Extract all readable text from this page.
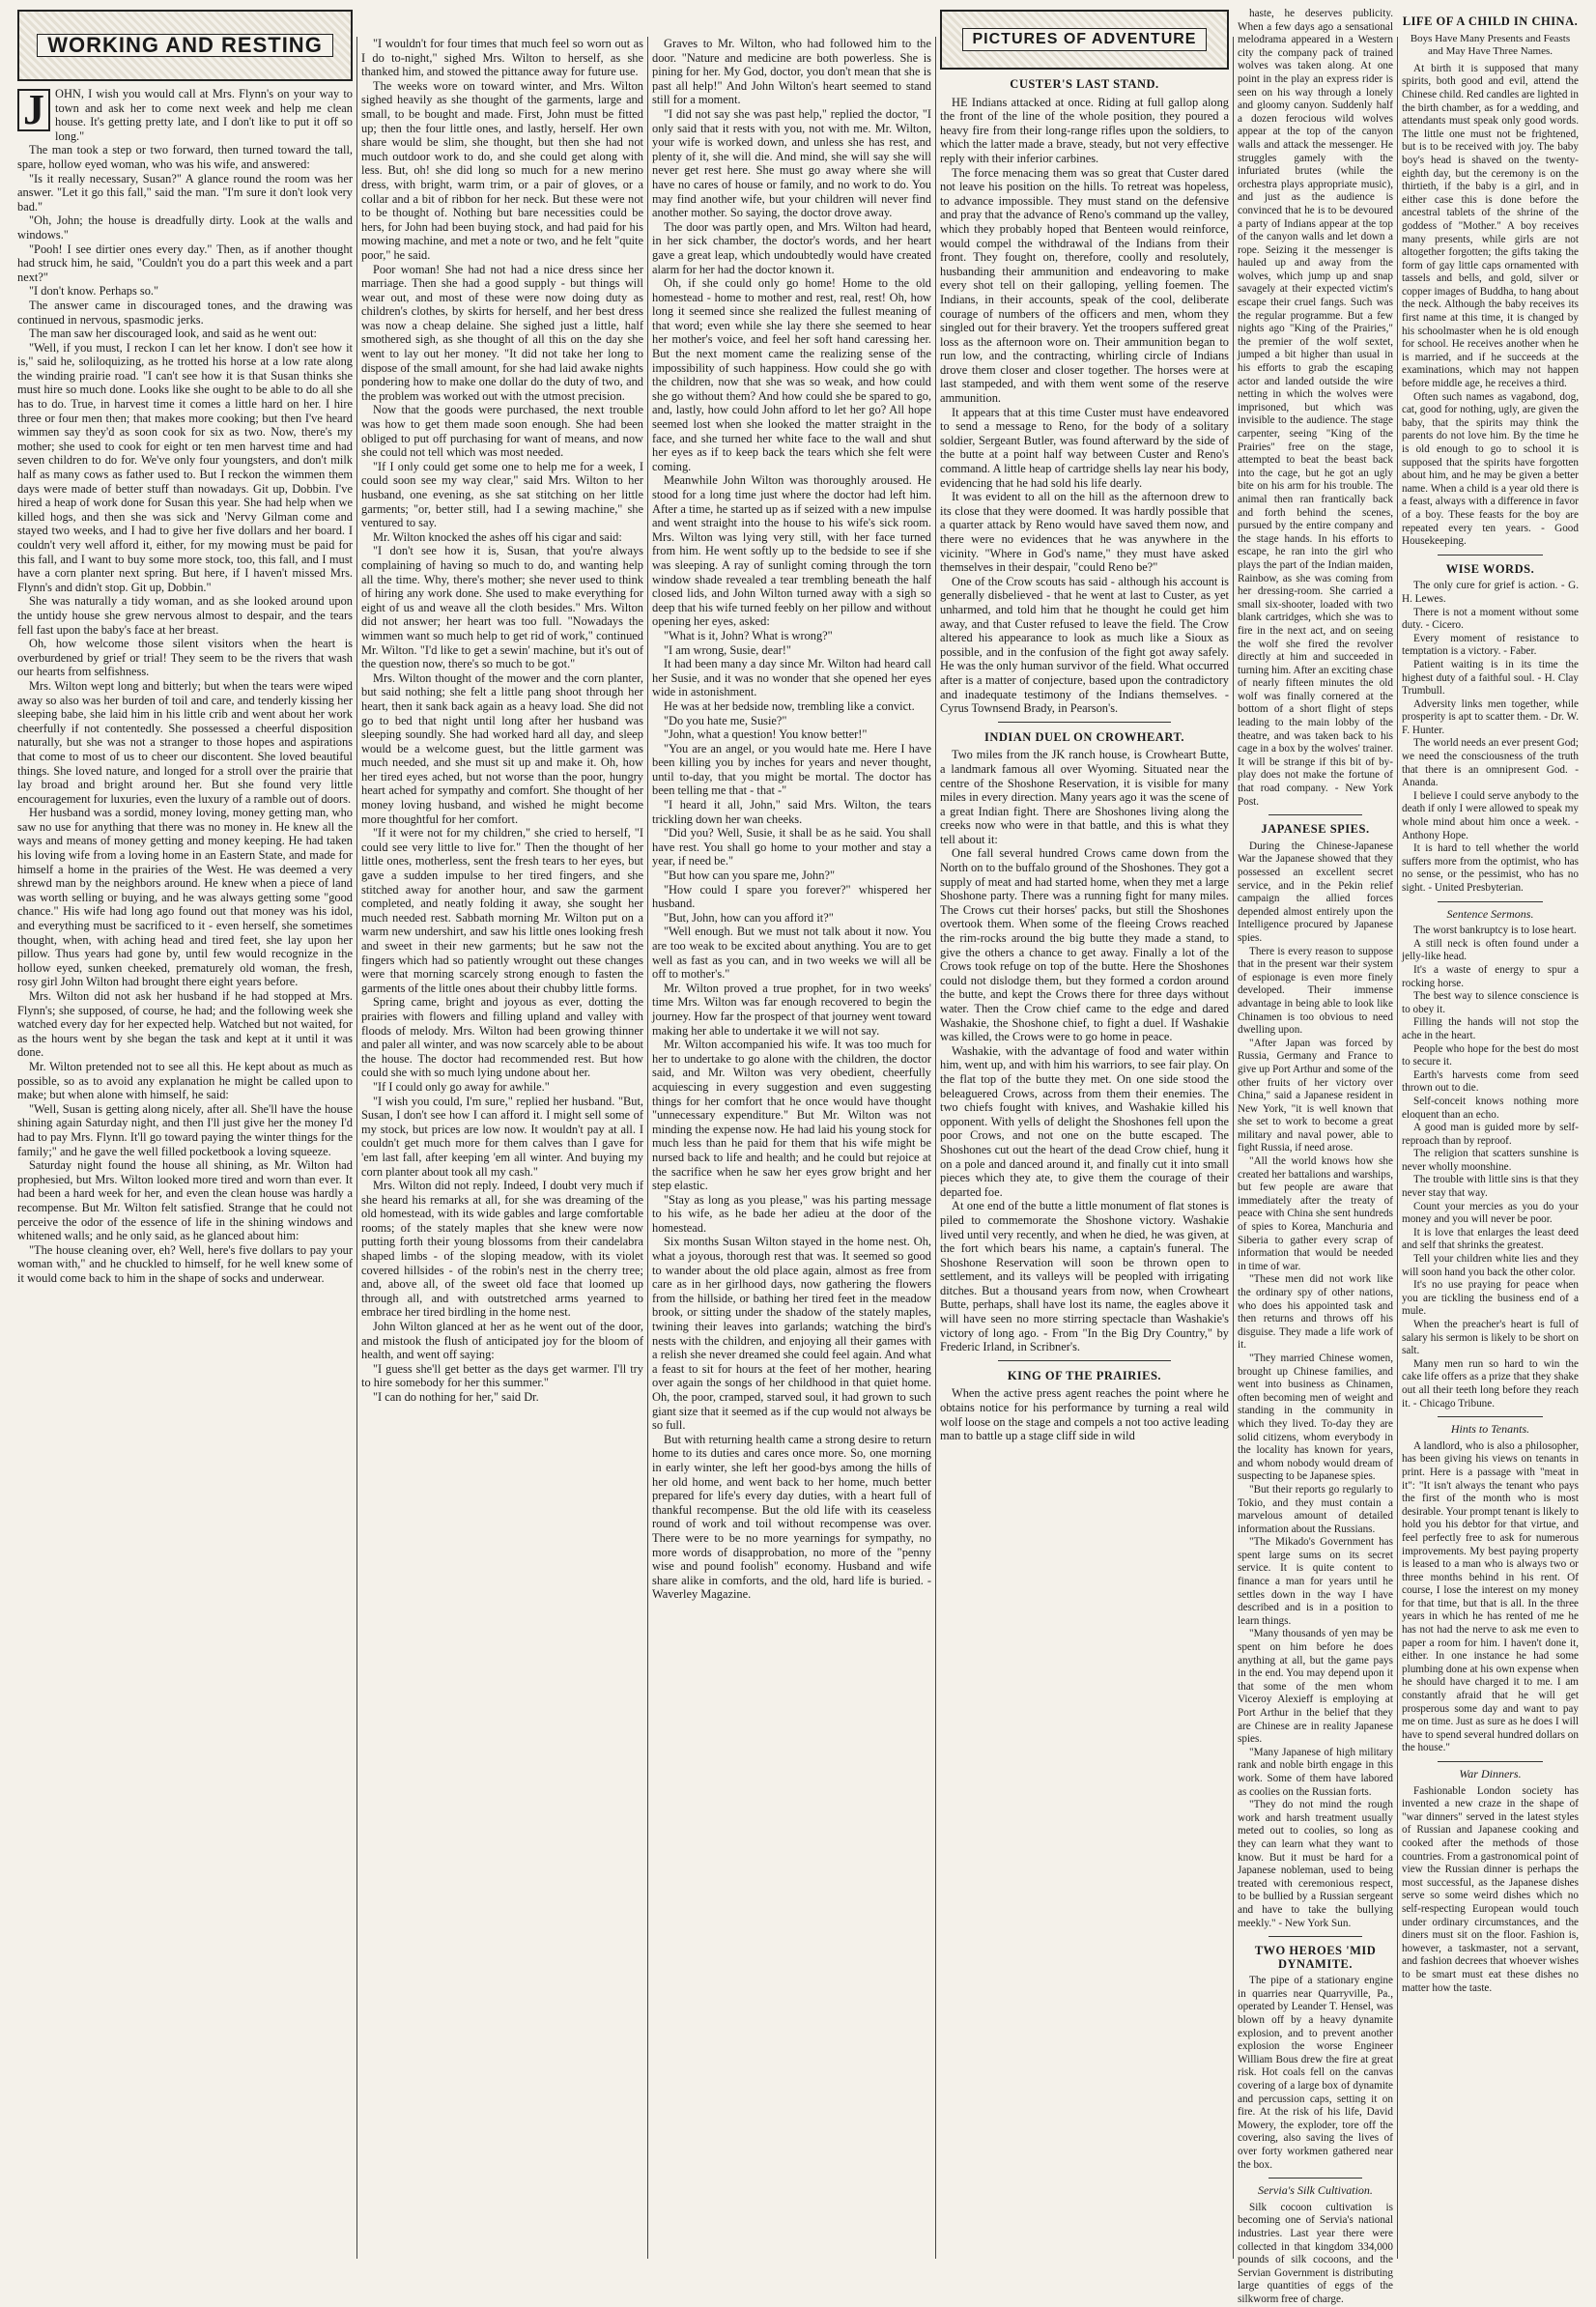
WORKING AND RESTING

J OHN, I wish you would call at Mrs. Flynn's on your way to town and ask her to come next week and help me clean house. It's getting pretty late, and I don't like to put it off so long."

The man took a step or two forward, then turned toward the tall, spare, hollow eyed woman, who was his wife, and answered:

"Is it really necessary, Susan?" A glance round the room was her answer. "Let it go this fall," said the man. "I'm sure it don't look very bad."

"Oh, John; the house is dreadfully dirty. Look at the walls and windows."

"Pooh! I see dirtier ones every day." Then, as if another thought had struck him, he said, "Couldn't you do a part this week and a part next?"

"I don't know. Perhaps so."

The answer came in discouraged tones, and the drawing was continued in nervous, spasmodic jerks.

The man saw her discouraged look, and said as he went out:

"Well, if you must, I reckon I can let her know. I don't see how it is," said he, soliloquizing, as he trotted his horse at a low rate along the winding prairie road. "I can't see how it is that Susan thinks she must hire so much done. Looks like she ought to be able to do all she has to do. True, in harvest time it comes a little hard on her. I hire three or four men then; that makes more cooking; but then I've heard wimmen say they'd as soon cook for six as two. Now, there's my mother; she used to cook for eight or ten men harvest time and had seven children to do for. We've only four youngsters, and don't milk half as many cows as father used to. But I reckon the wimmen them days were made of better stuff than nowadays. Git up, Dobbin. I've hired a heap of work done for Susan this year. She had help when we killed hogs, and then she was sick and 'Nervy Gilman come and stayed two weeks, and I had to give her five dollars and her board. I couldn't very well afford it, either, for my mowing must be paid for this fall, and I want to buy some more stock, too, this fall, and I must have a corn planter next spring. But here, if I haven't missed Mrs. Flynn's and didn't stop. Git up, Dobbin."

She was naturally a tidy woman, and as she looked around upon the untidy house she grew nervous almost to despair, and the tears fell fast upon the baby's face at her breast.

Oh, how welcome those silent visitors when the heart is overburdened by grief or trial! They seem to be the rivers that wash our hearts from selfishness.

Mrs. Wilton wept long and bitterly; but when the tears were wiped away so also was her burden of toil and care, and tenderly kissing her sleeping babe, she laid him in his little crib and went about her work cheerfully if not contentedly. She possessed a cheerful disposition naturally, but she was not a stranger to those hopes and aspirations that come to most of us to cheer our discontent. She loved beautiful things. She loved nature, and longed for a stroll over the prairie that lay broad and bright around her. But she found very little encouragement for luxuries, even the luxury of a ramble out of doors.

Her husband was a sordid, money loving, money getting man, who saw no use for anything that there was no money in. He knew all the ways and means of money getting and money keeping. He had taken his loving wife from a loving home in an Eastern State, and made for himself a home in the prairies of the West. He was deemed a very shrewd man by the neighbors around. He knew when a piece of land was worth selling or buying, and he was always getting some "good chance." His wife had long ago found out that money was his idol, and everything must be sacrificed to it - even herself, she sometimes thought, when, with aching head and tired feet, she lay upon her pillow. Thus years had gone by, until few would recognize in the hollow eyed, sunken cheeked, prematurely old woman, the fresh, rosy girl John Wilton had brought there eight years before.

Mrs. Wilton did not ask her husband if he had stopped at Mrs. Flynn's; she supposed, of course, he had; and the following week she watched every day for her expected help. Watched but not waited, for as the hours went by she began the task and kept at it until it was done.

Mr. Wilton pretended not to see all this. He kept about as much as possible, so as to avoid any explanation he might be called upon to make; but when alone with himself, he said:

"Well, Susan is getting along nicely, after all. She'll have the house shining again Saturday night, and then I'll just give her the money I'd had to pay Mrs. Flynn. It'll go toward paying the winter things for the family;" and he gave the well filled pocketbook a loving squeeze.

Saturday night found the house all shining, as Mr. Wilton had prophesied, but Mrs. Wilton looked more tired and worn than ever. It had been a hard week for her, and even the clean house was hardly a recompense. But Mr. Wilton felt satisfied. Strange that he could not perceive the odor of the essence of life in the shining windows and whitened walls; and he only said, as he glanced about him:

"The house cleaning over, eh? Well, here's five dollars to pay your woman with," and he chuckled to himself, for he well knew some of it would come back to him in the shape of socks and underwear.

"I wouldn't for four times that much feel so worn out as I do to-night," sighed Mrs. Wilton to herself, as she thanked him, and stowed the pittance away for future use.

The weeks wore on toward winter, and Mrs. Wilton sighed heavily as she thought of the garments, large and small, to be bought and made. First, John must be fitted up; then the four little ones, and lastly, herself. Her own share would be slim, she thought, but then she had not much outdoor work to do, and she could get along with less. But, oh! she did long so much for a new merino dress, with bright, warm trim, or a pair of gloves, or a collar and a bit of ribbon for her neck. But these were not to be thought of. Nothing but bare necessities could be hers, for John had been buying stock, and had paid for his mowing machine, and met a note or two, and he felt "quite poor," he said.

Poor woman! She had not had a nice dress since her marriage. Then she had a good supply - but things will wear out, and most of these were now doing duty as children's clothes, by skirts for herself, and her best dress was now a cheap delaine. She sighed just a little, half smothered sigh, as she thought of all this on the day she went to lay out her money. "It did not take her long to dispose of the small amount, for she had laid awake nights pondering how to make one dollar do the duty of two, and the problem was worked out with the utmost precision.

Now that the goods were purchased, the next trouble was how to get them made soon enough. She had been obliged to put off purchasing for want of means, and now she could not tell which was most needed.

"If I only could get some one to help me for a week, I could soon see my way clear," said Mrs. Wilton to her husband, one evening, as she sat stitching on her little garments; "or, better still, had I a sewing machine," she ventured to say.

Mr. Wilton knocked the ashes off his cigar and said:

"I don't see how it is, Susan, that you're always complaining of having so much to do, and wanting help all the time. Why, there's mother; she never used to think of hiring any work done. She used to make everything for eight of us and weave all the cloth besides." Mrs. Wilton did not answer; her heart was too full. "Nowadays the wimmen want so much help to get rid of work," continued Mr. Wilton. "I'd like to get a sewin' machine, but it's out of the question now, there's so much to be got."

Mrs. Wilton thought of the mower and the corn planter, but said nothing; she felt a little pang shoot through her heart, then it sank back again as a heavy load. She did not go to bed that night until long after her husband was sleeping soundly. She had worked hard all day, and sleep would be a welcome guest, but the little garment was much needed, and she must sit up and make it. Oh, how her tired eyes ached, but not worse than the poor, hungry heart ached for sympathy and comfort. She thought of her money loving husband, and wished he might become more thoughtful for her comfort.

"If it were not for my children," she cried to herself, "I could see very little to live for." Then the thought of her little ones, motherless, sent the fresh tears to her eyes, but gave a sudden impulse to her tired fingers, and she stitched away for another hour, and saw the garment completed, and neatly folding it away, she sought her much needed rest. Sabbath morning Mr. Wilton put on a warm new undershirt, and saw his little ones looking fresh and sweet in their new garments; but he saw not the fingers which had so patiently wrought out these changes were that morning scarcely strong enough to fasten the garments of the little ones about their chubby little forms.

Spring came, bright and joyous as ever, dotting the prairies with flowers and filling upland and valley with floods of melody. Mrs. Wilton had been growing thinner and paler all winter, and was now scarcely able to be about the house. The doctor had recommended rest. But how could she with so much lying undone about her.

"If I could only go away for awhile."

"I wish you could, I'm sure," replied her husband. "But, Susan, I don't see how I can afford it. I might sell some of my stock, but prices are low now. It wouldn't pay at all. I couldn't get much more for them calves than I gave for 'em last fall, after keeping 'em all winter. And buying my corn planter about took all my cash."

Mrs. Wilton did not reply. Indeed, I doubt very much if she heard his remarks at all, for she was dreaming of the old homestead, with its wide gables and large comfortable rooms; of the stately maples that she knew were now putting forth their young blossoms from their candelabra shaped limbs - of the sloping meadow, with its violet covered hillsides - of the robin's nest in the cherry tree; and, above all, of the sweet old face that loomed up through all, and with outstretched arms yearned to embrace her tired birdling in the home nest.

John Wilton glanced at her as he went out of the door, and mistook the flush of anticipated joy for the bloom of health, and went off saying:

"I guess she'll get better as the days get warmer. I'll try to hire somebody for her this summer."

"I can do nothing for her," said Dr.

Graves to Mr. Wilton, who had followed him to the door. "Nature and medicine are both powerless. She is pining for her. My God, doctor, you don't mean that she is past all help!" And John Wilton's heart seemed to stand still for a moment.

"I did not say she was past help," replied the doctor, "I only said that it rests with you, not with me. Mr. Wilton, your wife is worked down, and unless she has rest, and plenty of it, she will die. And mind, she will say she will never get rest here. She must go away where she will have no cares of house or family, and no work to do. You may find another wife, but your children will never find another mother. So saying, the doctor drove away.

The door was partly open, and Mrs. Wilton had heard, in her sick chamber, the doctor's words, and her heart gave a great leap, which undoubtedly would have created alarm for her had the doctor known it.

Oh, if she could only go home! Home to the old homestead - home to mother and rest, real, rest! Oh, how long it seemed since she realized the fullest meaning of that word; even while she lay there she seemed to hear her mother's voice, and feel her soft hand caressing her. But the next moment came the realizing sense of the impossibility of such happiness. How could she go with the children, now that she was so weak, and how could she go without them? And how could she be spared to go, and, lastly, how could John afford to let her go? All hope seemed lost when she looked the matter straight in the face, and she turned her white face to the wall and shut her eyes as if to keep back the tears which she felt were coming.

Meanwhile John Wilton was thoroughly aroused. He stood for a long time just where the doctor had left him. After a time, he started up as if seized with a new impulse and went straight into the house to his wife's sick room. Mrs. Wilton was lying very still, with her face turned from him. He went softly up to the bedside to see if she was sleeping. A ray of sunlight coming through the torn window shade revealed a tear trembling beneath the half closed lids, and John Wilton turned away with a sigh so deep that his wife turned feebly on her pillow and without opening her eyes, asked:

"What is it, John? What is wrong?"

"I am wrong, Susie, dear!"

It had been many a day since Mr. Wilton had heard call her Susie, and it was no wonder that she opened her eyes wide in astonishment.

He was at her bedside now, trembling like a convict.

"Do you hate me, Susie?"

"John, what a question! You know better!"

"You are an angel, or you would hate me. Here I have been killing you by inches for years and never thought, until to-day, that you might be mortal. The doctor has been telling me that - that -"

"I heard it all, John," said Mrs. Wilton, the tears trickling down her wan cheeks.

"Did you? Well, Susie, it shall be as he said. You shall have rest. You shall go home to your mother and stay a year, if need be."

"But how can you spare me, John?"

"How could I spare you forever?" whispered her husband.

"But, John, how can you afford it?"

"Well enough. But we must not talk about it now. You are too weak to be excited about anything. You are to get well as fast as you can, and in two weeks we will all be off to mother's."

Mr. Wilton proved a true prophet, for in two weeks' time Mrs. Wilton was far enough recovered to begin the journey. How far the prospect of that journey went toward making her able to undertake it we will not say.

Mr. Wilton accompanied his wife. It was too much for her to undertake to go alone with the children, the doctor said, and Mr. Wilton was very obedient, cheerfully acquiescing in every suggestion and even suggesting things for her comfort that he once would have thought "unnecessary expenditure." But Mr. Wilton was not minding the expense now. He had laid his young stock for much less than he paid for them that his wife might be nursed back to life and health; and he could but rejoice at the sacrifice when he saw her eyes grow bright and her step elastic.

"Stay as long as you please," was his parting message to his wife, as he bade her adieu at the door of the homestead.

Six months Susan Wilton stayed in the home nest. Oh, what a joyous, thorough rest that was. It seemed so good to wander about the old place again, almost as free from care as in her girlhood days, now gathering the flowers from the hillside, or bathing her tired feet in the meadow brook, or sitting under the shadow of the stately maples, twining their leaves into garlands; watching the bird's nests with the children, and enjoying all their games with a relish she never dreamed she could feel again. And what a feast to sit for hours at the feet of her mother, hearing over again the songs of her childhood in that quiet home. Oh, the poor, cramped, starved soul, it had grown to such giant size that it seemed as if the cup would not always be so full.

But with returning health came a strong desire to return home to its duties and cares once more. So, one morning in early winter, she left her good-bys among the hills of her old home, and went back to her home, much better prepared for life's every day duties, with a heart full of thankful recompense. But the old life with its ceaseless round of work and toil without recompense was over. There were to be no more yearnings for sympathy, no more words of disapprobation, no more of the "penny wise and pound foolish" economy. Husband and wife share alike in comforts, and the old, hard life is buried. - Waverley Magazine.

PICTURES OF ADVENTURE
CUSTER'S LAST STAND.

HE Indians attacked at once. Riding at full gallop along the front of the line of the whole position, they poured a heavy fire from their long-range rifles upon the soldiers, to which the latter made a brave, steady, but not very effective reply with their inferior carbines.

The force menacing them was so great that Custer dared not leave his position on the hills. To retreat was hopeless, to advance impossible. They must stand on the defensive and pray that the advance of Reno's command up the valley, which they probably hoped that Benteen would reinforce, would compel the withdrawal of the Indians from their front. They fought on, therefore, coolly and resolutely, husbanding their ammunition and endeavoring to make every shot tell on their galloping, yelling foemen. The Indians, in their accounts, speak of the cool, deliberate courage of numbers of the officers and men, whom they singled out for their bravery. Yet the troopers suffered great loss as the afternoon wore on. Their ammunition began to run low, and the contracting, whirling circle of Indians drove them closer and closer together. The horses were at last stampeded, and with them went some of the reserve ammunition.

It appears that at this time Custer must have endeavored to send a message to Reno, for the body of a solitary soldier, Sergeant Butler, was found afterward by the side of the butte at a point half way between Custer and Reno's command. A little heap of cartridge shells lay near his body, evidencing that he had sold his life dearly.

It was evident to all on the hill as the afternoon drew to its close that they were doomed. It was hardly possible that a quarter attack by Reno would have saved them now, and there were no evidences that he was anywhere in the vicinity. "Where in God's name," they must have asked themselves in their despair, "could Reno be?"

One of the Crow scouts has said - although his account is generally disbelieved - that he went at last to Custer, as yet unharmed, and told him that he thought he could get him away, and that Custer refused to leave the field. The Crow altered his appearance to look as much like a Sioux as possible, and in the confusion of the fight got away safely. He was the only human survivor of the field. What occurred after is a matter of conjecture, based upon the contradictory and inadequate testimony of the Indians themselves. - Cyrus Townsend Brady, in Pearson's.

INDIAN DUEL ON CROWHEART.

Two miles from the JK ranch house, is Crowheart Butte, a landmark famous all over Wyoming. Situated near the centre of the Shoshone Reservation, it is visible for many miles in every direction. Many years ago it was the scene of a great Indian fight. There are Shoshones living along the creeks now who were in that battle, and this is what they tell about it:

One fall several hundred Crows came down from the North on to the buffalo ground of the Shoshones. They got a supply of meat and had started home, when they met a large Shoshone party. There was a running fight for many miles. The Crows cut their horses' packs, but still the Shoshones overtook them. When some of the fleeing Crows reached the rim-rocks around the big butte they made a stand, to give the others a chance to get away. Finally a lot of the Crows took refuge on top of the butte. Here the Shoshones could not dislodge them, but they formed a cordon around the butte, and kept the Crows there for three days without water. Then the Crow chief came to the edge and dared Washakie, the Shoshone chief, to fight a duel. If Washakie was killed, the Crows were to go home in peace.

Washakie, with the advantage of food and water within him, went up, and with him his warriors, to see fair play. On the flat top of the butte they met. On one side stood the beleaguered Crows, across from them their enemies. The two chiefs fought with knives, and Washakie killed his opponent. With yells of delight the Shoshones fell upon the poor Crows, and not one on the butte escaped. The Shoshones cut out the heart of the dead Crow chief, hung it on a pole and danced around it, and finally cut it into small pieces which they ate, to give them the courage of their departed foe.

At one end of the butte a little monument of flat stones is piled to commemorate the Shoshone victory. Washakie lived until very recently, and when he died, he was given, at the fort which bears his name, a captain's funeral. The Shoshone Reservation will soon be thrown open to settlement, and its valleys will be peopled with irrigating ditches. But a thousand years from now, when Crowheart Butte, perhaps, shall have lost its name, the eagles above it will have seen no more stirring spectacle than Washakie's victory of long ago. - From "In the Big Dry Country," by Frederic Irland, in Scribner's.

KING OF THE PRAIRIES.

When the active press agent reaches the point where he obtains notice for his performance by turning a real wild wolf loose on the stage and compels a not too active leading man to battle up a stage cliff side in wild

haste, he deserves publicity. When a few days ago a sensational melodrama appeared in a Western city the company pack of trained wolves was taken along. At one point in the play an express rider is seen on his way through a lonely and gloomy canyon. Suddenly half a dozen ferocious wild wolves appear at the top of the canyon walls and attack the messenger. He struggles gamely with the infuriated brutes (while the orchestra plays appropriate music), and just as the audience is convinced that he is to be devoured a party of Indians appear at the top of the canyon walls and let down a rope. Seizing it the messenger is hauled up and away from the wolves, which jump up and snap savagely at their expected victim's escape their cruel fangs. Such was the regular programme. But a few nights ago "King of the Prairies," the premier of the wolf sextet, jumped a bit higher than usual in his efforts to grab the escaping actor and landed outside the wire netting in which the wolves were imprisoned, but which was invisible to the audience. The stage carpenter, seeing "King of the Prairies" free on the stage, attempted to beat the beast back into the cage, but he got an ugly bite on his arm for his trouble. The animal then ran frantically back and forth behind the scenes, pursued by the entire company and the stage hands. In his efforts to escape, he ran into the girl who plays the part of the Indian maiden, Rainbow, as she was coming from her dressing-room. She carried a small six-shooter, loaded with two blank cartridges, which she was to fire in the next act, and on seeing the wolf she fired the revolver directly at him and succeeded in turning him. After an exciting chase of nearly fifteen minutes the old wolf was finally cornered at the bottom of a short flight of steps leading to the main lobby of the theatre, and was taken back to his cage in a box by the wolves' trainer. It will be strange if this bit of by-play does not make the fortune of that road company. - New York Post.

JAPANESE SPIES.

During the Chinese-Japanese War the Japanese showed that they possessed an excellent secret service, and in the Pekin relief campaign the allied forces depended almost entirely upon the Intelligence procured by Japanese spies.

There is every reason to suppose that in the present war their system of espionage is even more finely developed. Their immense advantage in being able to look like Chinamen is too obvious to need dwelling upon.

"After Japan was forced by Russia, Germany and France to give up Port Arthur and some of the other fruits of her victory over China," said a Japanese resident in New York, "it is well known that she set to work to become a great military and naval power, able to fight Russia, if need arose.

"All the world knows how she created her battalions and warships, but few people are aware that immediately after the treaty of peace with China she sent hundreds of spies to Korea, Manchuria and Siberia to gather every scrap of information that would be needed in time of war.

"These men did not work like the ordinary spy of other nations, who does his appointed task and then returns and throws off his disguise. They made a life work of it.

"They married Chinese women, brought up Chinese families, and went into business as Chinamen, often becoming men of weight and standing in the community in which they lived. To-day they are solid citizens, whom everybody in the locality has known for years, and whom nobody would dream of suspecting to be Japanese spies.

"But their reports go regularly to Tokio, and they must contain a marvelous amount of detailed information about the Russians.

"The Mikado's Government has spent large sums on its secret service. It is quite content to finance a man for years until he settles down in the way I have described and is in a position to learn things.

"Many thousands of yen may be spent on him before he does anything at all, but the game pays in the end. You may depend upon it that some of the men whom Viceroy Alexieff is employing at Port Arthur in the belief that they are Chinese are in reality Japanese spies.

"Many Japanese of high military rank and noble birth engage in this work. Some of them have labored as coolies on the Russian forts.

"They do not mind the rough work and harsh treatment usually meted out to coolies, so long as they can learn what they want to know. But it must be hard for a Japanese nobleman, used to being treated with ceremonious respect, to be bullied by a Russian sergeant and have to take the bullying meekly." - New York Sun.

TWO HEROES 'MID DYNAMITE.

The pipe of a stationary engine in quarries near Quarryville, Pa., operated by Leander T. Hensel, was blown off by a heavy dynamite explosion, and to prevent another explosion the worse Engineer William Bous drew the fire at great risk. Hot coals fell on the canvas covering of a large box of dynamite and percussion caps, setting it on fire. At the risk of his life, David Mowery, the exploder, tore off the covering, also saving the lives of over forty workmen gathered near the box.

Servia's Silk Cultivation.

Silk cocoon cultivation is becoming one of Servia's national industries. Last year there were collected in that kingdom 334,000 pounds of silk cocoons, and the Servian Government is distributing large quantities of eggs of the silkworm free of charge.

LIFE OF A CHILD IN CHINA.
Boys Have Many Presents and Feasts and May Have Three Names.

At birth it is supposed that many spirits, both good and evil, attend the Chinese child. Red candles are lighted in the birth chamber, as for a wedding, and attendants must speak only good words. The little one must not be frightened, but is to be received with joy. The baby boy's head is shaved on the twenty-eighth day, but the ceremony is on the thirtieth, if the baby is a girl, and in either case this is done before the ancestral tablets of the shrine of the goddess of "Mother." A boy receives many presents, while girls are not altogether forgotten; the gifts taking the form of gay little caps ornamented with tassels and bells, and gold, silver or copper images of Buddha, to hang about the neck. Although the baby receives its first name at this time, it is changed by his schoolmaster when he is old enough for school. He receives another when he is married, and if he succeeds at the examinations, which may not happen before middle age, he receives a third.

Often such names as vagabond, dog, cat, good for nothing, ugly, are given the baby, that the spirits may think the parents do not love him. By the time he is old enough to go to school it is supposed that the spirits have forgotten about him, and he may be given a better name. When a child is a year old there is a feast, always with a difference in favor of a boy. These feasts for the boy are repeated every ten years. - Good Housekeeping.

WISE WORDS.

The only cure for grief is action. - G. H. Lewes.

There is not a moment without some duty. - Cicero.

Every moment of resistance to temptation is a victory. - Faber.

Patient waiting is in its time the highest duty of a faithful soul. - H. Clay Trumbull.

Adversity links men together, while prosperity is apt to scatter them. - Dr. W. F. Hunter.

The world needs an ever present God; we need the consciousness of the truth that there is an omnipresent God. - Ananda.

I believe I could serve anybody to the death if only I were allowed to speak my whole mind about him once a week. - Anthony Hope.

It is hard to tell whether the world suffers more from the optimist, who has no sense, or the pessimist, who has no sight. - United Presbyterian.

Sentence Sermons.

The worst bankruptcy is to lose heart.

A still neck is often found under a jelly-like head.

It's a waste of energy to spur a rocking horse.

The best way to silence conscience is to obey it.

Filling the hands will not stop the ache in the heart.

People who hope for the best do most to secure it.

Earth's harvests come from seed thrown out to die.

Self-conceit knows nothing more eloquent than an echo.

A good man is guided more by self-reproach than by reproof.

The religion that scatters sunshine is never wholly moonshine.

The trouble with little sins is that they never stay that way.

Count your mercies as you do your money and you will never be poor.

It is love that enlarges the least deed and self that shrinks the greatest.

Tell your children white lies and they will soon hand you back the other color.

It's no use praying for peace when you are tickling the business end of a mule.

When the preacher's heart is full of salary his sermon is likely to be short on salt.

Many men run so hard to win the cake life offers as a prize that they shake out all their teeth long before they reach it. - Chicago Tribune.

Hints to Tenants.

A landlord, who is also a philosopher, has been giving his views on tenants in print. Here is a passage with "meat in it": "It isn't always the tenant who pays the first of the month who is most desirable. Your prompt tenant is likely to hold you his debtor for that virtue, and feel perfectly free to ask for numerous improvements. My best paying property is leased to a man who is always two or three months behind in his rent. Of course, I lose the interest on my money for that time, but that is all. In the three years in which he has rented of me he has not had the nerve to ask me even to paper a room for him. I haven't done it, either. In one instance he had some plumbing done at his own expense when he should have charged it to me. I am constantly afraid that he will get prosperous some day and want to pay me on time. Just as sure as he does I will have to spend several hundred dollars on the house."

War Dinners.

Fashionable London society has invented a new craze in the shape of "war dinners" served in the latest styles of Russian and Japanese cooking and cooked after the methods of those countries. From a gastronomical point of view the Russian dinner is perhaps the most successful, as the Japanese dishes serve so some weird dishes which no self-respecting European would touch under ordinary circumstances, and the diners must sit on the floor. Fashion is, however, a taskmaster, not a servant, and fashion decrees that whoever wishes to be smart must eat these dishes no matter how the taste.
